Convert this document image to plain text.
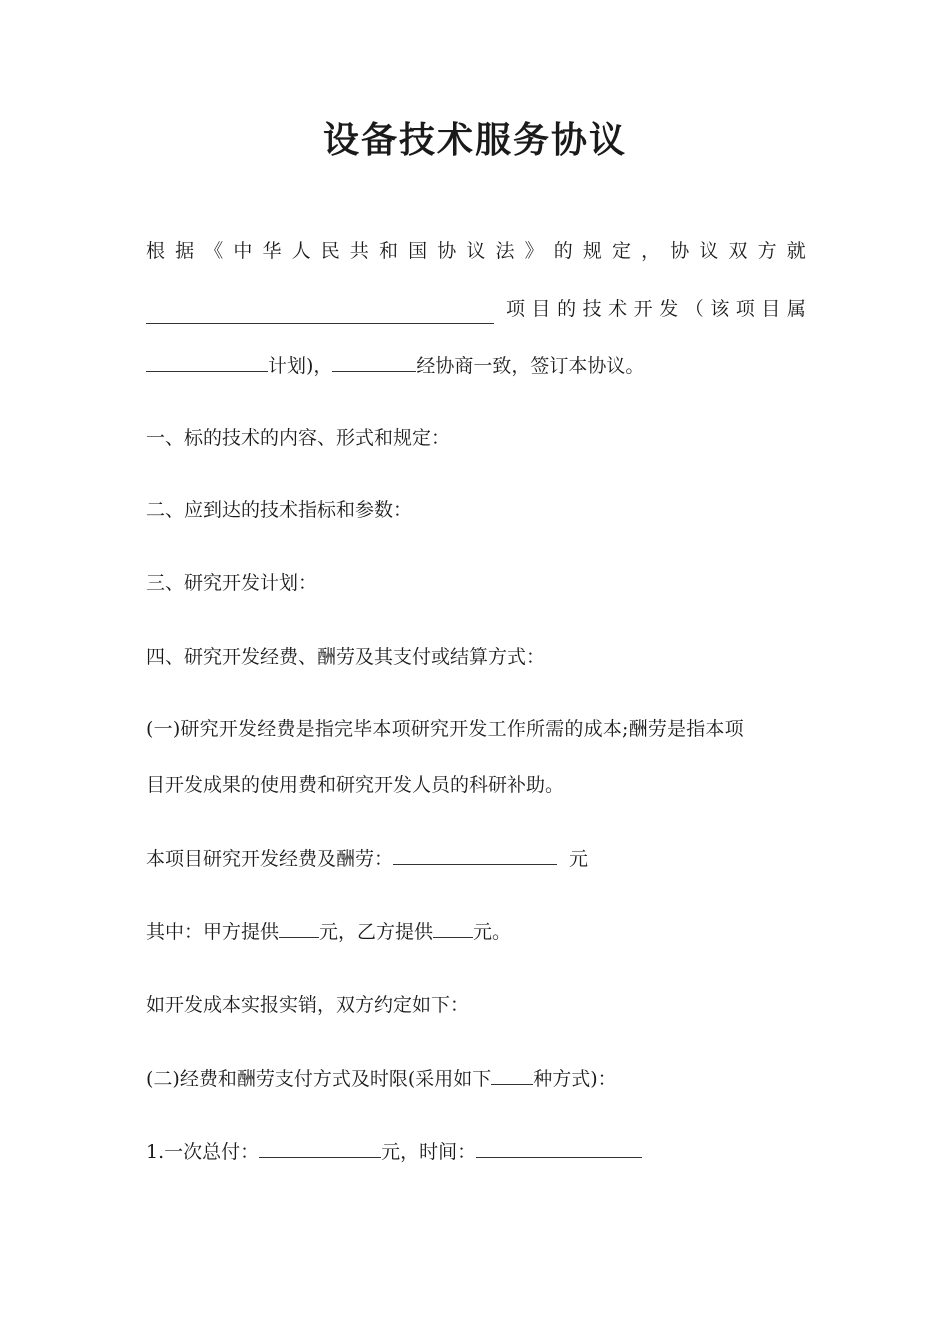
设备技术服务协议
根 据 《 中 华 人 民 共 和 国 协 议 法 》 的 规 定 ， 协 议 双 方 就
项 目 的 技 术 开 发 （ 该 项 目 属
计划)，	经协商一致，签订本协议。
一、标的技术的内容、形式和规定：
二、应到达的技术指标和参数：
三、研究开发计划：
四、研究开发经费、酬劳及其支付或结算方式：
(一)研究开发经费是指完毕本项研究开发工作所需的成本;酬劳是指本项
目开发成果的使用费和研究开发人员的科研补助。
本项目研究开发经费及酬劳：	元
其中：甲方提供 元，乙方提供 元。
如开发成本实报实销，双方约定如下：
(二)经费和酬劳支付方式及时限(采用如下 种方式)：
1.一次总付：	元，时间：
